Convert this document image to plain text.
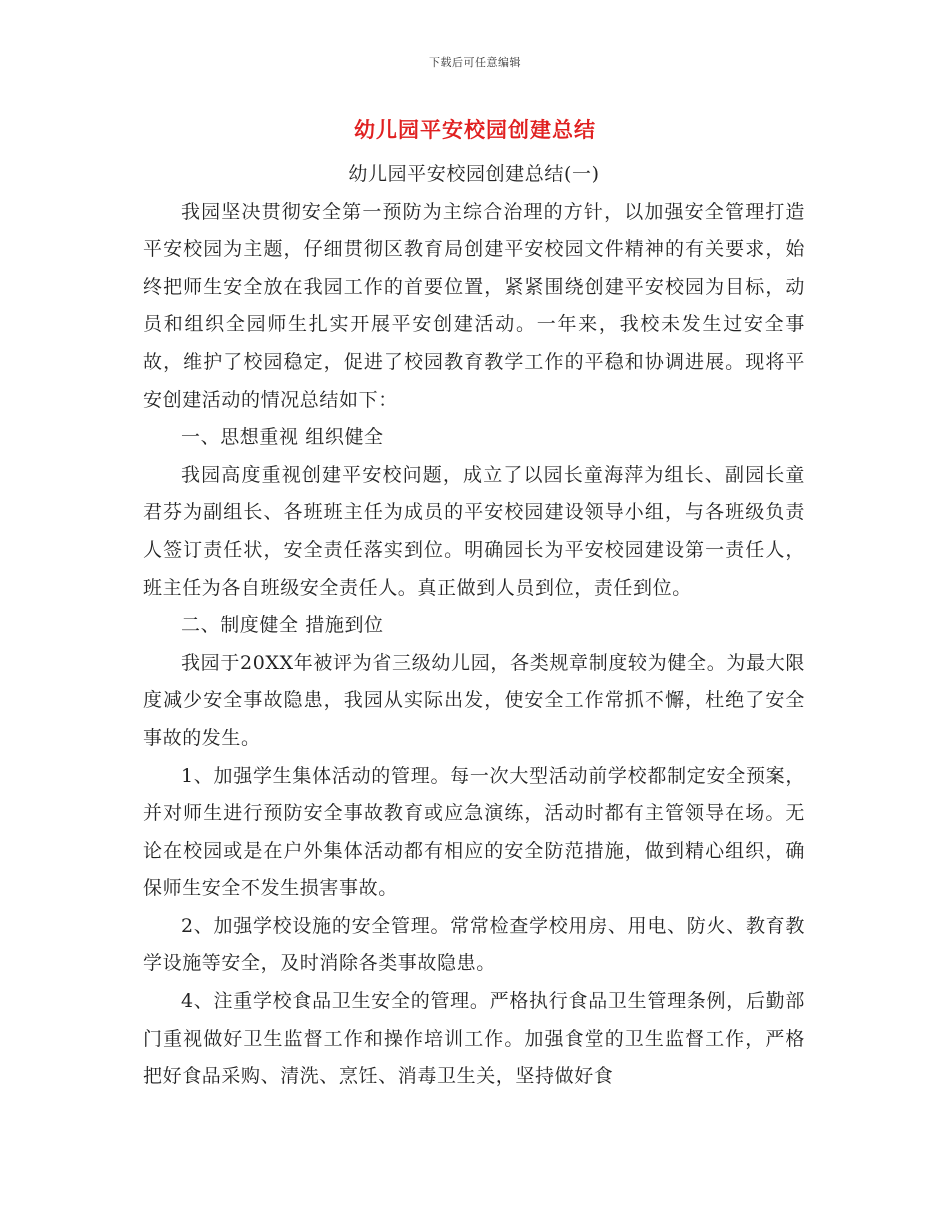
下载后可任意编辑
幼儿园平安校园创建总结

幼儿园平安校园创建总结(一)

我园坚决贯彻安全第一预防为主综合治理的方针，以加强安全管理打造平安校园为主题，仔细贯彻区教育局创建平安校园文件精神的有关要求，始终把师生安全放在我园工作的首要位置，紧紧围绕创建平安校园为目标，动员和组织全园师生扎实开展平安创建活动。一年来，我校未发生过安全事故，维护了校园稳定，促进了校园教育教学工作的平稳和协调进展。现将平安创建活动的情况总结如下：

一、思想重视 组织健全

我园高度重视创建平安校问题，成立了以园长童海萍为组长、副园长童君芬为副组长、各班班主任为成员的平安校园建设领导小组，与各班级负责人签订责任状，安全责任落实到位。明确园长为平安校园建设第一责任人，班主任为各自班级安全责任人。真正做到人员到位，责任到位。

二、制度健全 措施到位

我园于20XX年被评为省三级幼儿园，各类规章制度较为健全。为最大限度减少安全事故隐患，我园从实际出发，使安全工作常抓不懈，杜绝了安全事故的发生。

1、加强学生集体活动的管理。每一次大型活动前学校都制定安全预案，并对师生进行预防安全事故教育或应急演练，活动时都有主管领导在场。无论在校园或是在户外集体活动都有相应的安全防范措施，做到精心组织，确保师生安全不发生损害事故。

2、加强学校设施的安全管理。常常检查学校用房、用电、防火、教育教学设施等安全，及时消除各类事故隐患。

4、注重学校食品卫生安全的管理。严格执行食品卫生管理条例，后勤部门重视做好卫生监督工作和操作培训工作。加强食堂的卫生监督工作，严格把好食品采购、清洗、烹饪、消毒卫生关，坚持做好食
